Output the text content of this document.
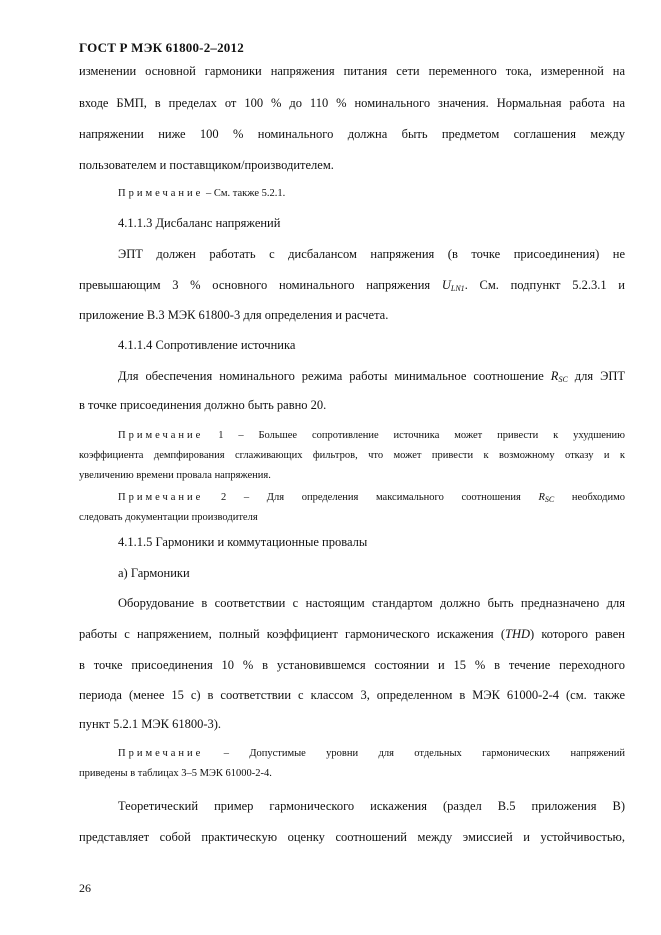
ГОСТ Р МЭК 61800-2–2012
изменении основной гармоники напряжения питания сети переменного тока, измеренной на
входе БМП, в пределах от 100 % до 110 % номинального значения. Нормальная работа на
напряжении ниже 100 % номинального должна быть предметом соглашения между
пользователем и поставщиком/производителем.
Примечание – См. также 5.2.1.
4.1.1.3 Дисбаланс напряжений
ЭПТ должен работать с дисбалансом напряжения (в точке присоединения) не
превышающим 3 % основного номинального напряжения $U_{LN1}$. См. подпункт 5.2.3.1 и
приложение В.3 МЭК 61800-3 для определения и расчета.
4.1.1.4 Сопротивление источника
Для обеспечения номинального режима работы минимальное соотношение $R_{SC}$ для ЭПТ
в точке присоединения должно быть равно 20.
Примечание 1 – Большее сопротивление источника может привести к ухудшению
коэффициента демпфирования сглаживающих фильтров, что может привести к возможному отказу и к
увеличению времени провала напряжения.
Примечание 2 – Для определения максимального соотношения $R_{SC}$ необходимо
следовать документации производителя
4.1.1.5 Гармоники и коммутационные провалы
а) Гармоники
Оборудование в соответствии с настоящим стандартом должно быть предназначено для
работы с напряжением, полный коэффициент гармонического искажения (THD) которого равен
в точке присоединения 10 % в установившемся состоянии и 15 % в течение переходного
периода (менее 15 с) в соответствии с классом 3, определенном в МЭК 61000-2-4 (см. также
пункт 5.2.1 МЭК 61800-3).
Примечание – Допустимые уровни для отдельных гармонических напряжений
приведены в таблицах 3–5 МЭК 61000-2-4.
Теоретический пример гармонического искажения (раздел В.5 приложения В)
представляет собой практическую оценку соотношений между эмиссией и устойчивостью,
26
